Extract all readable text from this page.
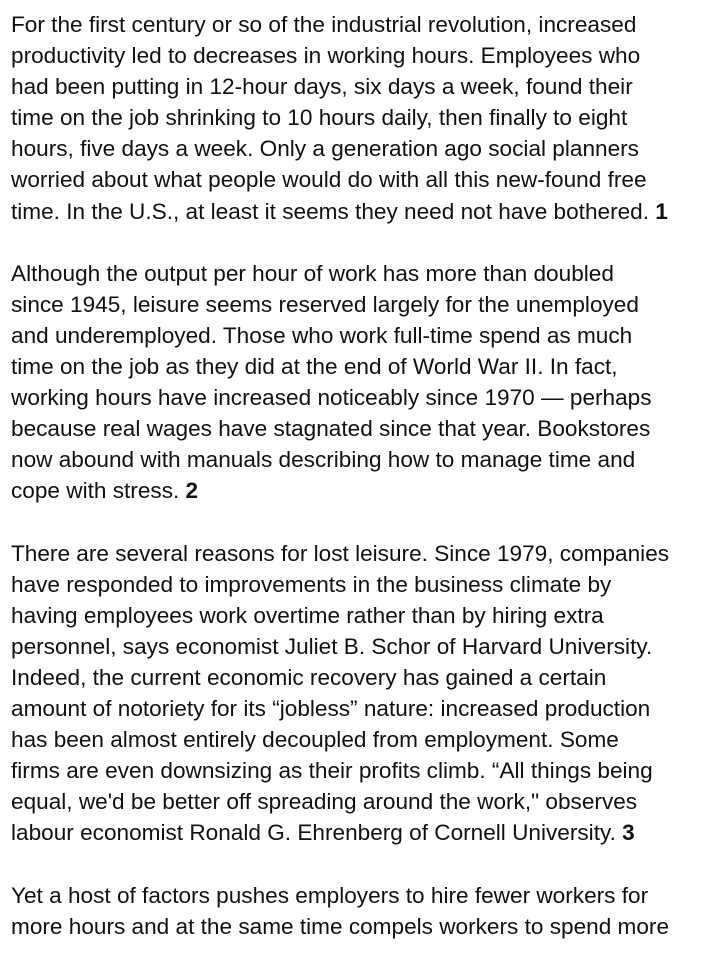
For the first century or so of the industrial revolution, increased
productivity led to decreases in working hours. Employees who
had been putting in 12-hour days, six days a week, found their
time on the job shrinking to 10 hours daily, then finally to eight
hours, five days a week. Only a generation ago social planners
worried about what people would do with all this new-found free
time. In the U.S., at least it seems they need not have bothered. 1

Although the output per hour of work has more than doubled
since 1945, leisure seems reserved largely for the unemployed
and underemployed. Those who work full-time spend as much
time on the job as they did at the end of World War II. In fact,
working hours have increased noticeably since 1970 — perhaps
because real wages have stagnated since that year. Bookstores
now abound with manuals describing how to manage time and
cope with stress. 2

There are several reasons for lost leisure. Since 1979, companies
have responded to improvements in the business climate by
having employees work overtime rather than by hiring extra
personnel, says economist Juliet B. Schor of Harvard University.
Indeed, the current economic recovery has gained a certain
amount of notoriety for its “jobless” nature: increased production
has been almost entirely decoupled from employment. Some
firms are even downsizing as their profits climb. “All things being
equal, we'd be better off spreading around the work," observes
labour economist Ronald G. Ehrenberg of Cornell University. 3

Yet a host of factors pushes employers to hire fewer workers for
more hours and at the same time compels workers to spend more
